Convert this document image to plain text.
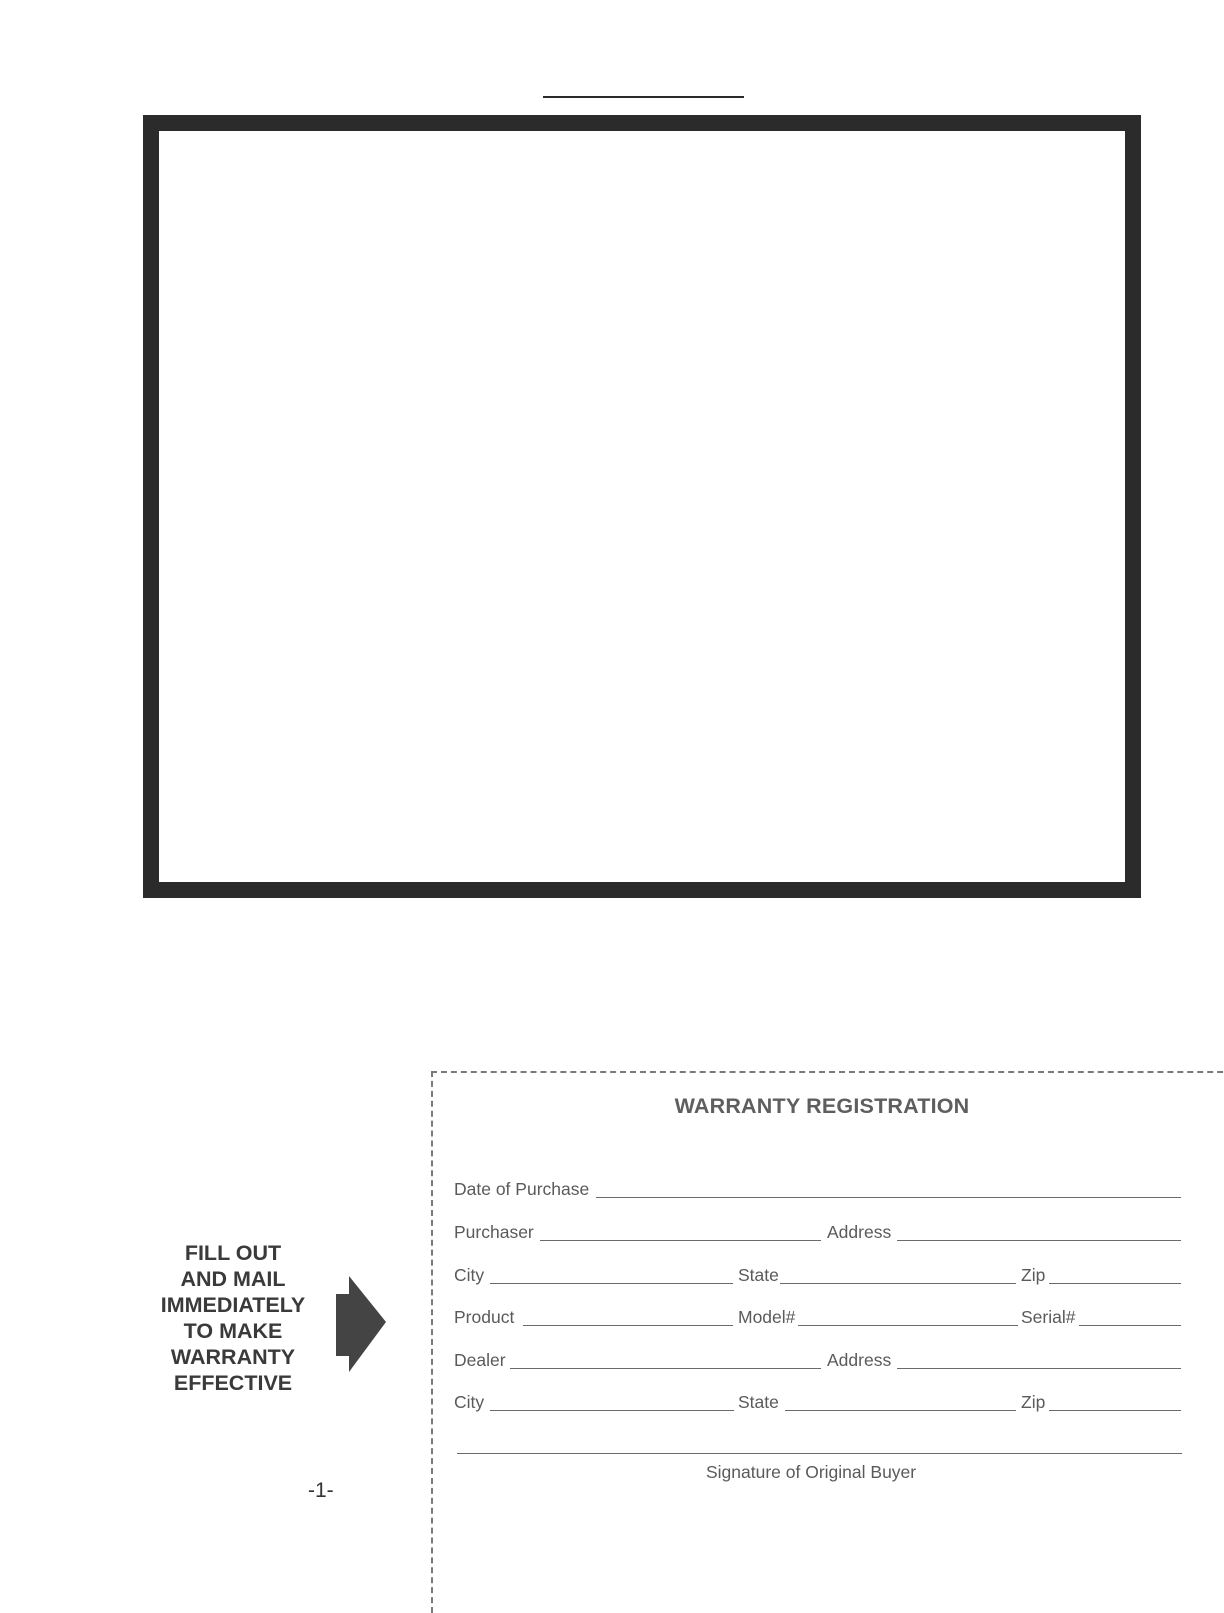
FILL OUT
AND MAIL
IMMEDIATELY
TO MAKE
WARRANTY
EFFECTIVE
-1-
WARRANTY REGISTRATION
Date of Purchase
Purchaser	Address
City	State	Zip
Product	Model#	Serial#
Dealer	Address
City	State	Zip
Signature of Original Buyer
